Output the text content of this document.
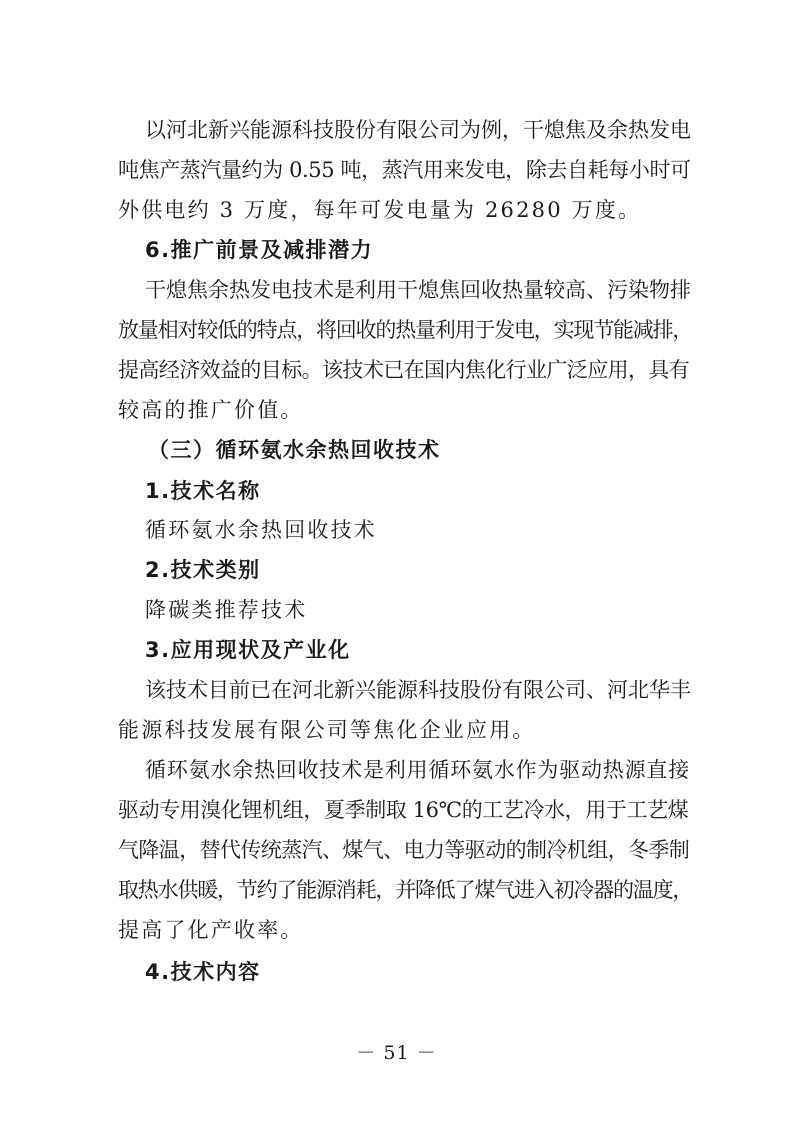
以河北新兴能源科技股份有限公司为例，干熄焦及余热发电
吨焦产蒸汽量约为 0.55 吨，蒸汽用来发电，除去自耗每小时可
外供电约 3 万度，每年可发电量为 26280 万度。
6.推广前景及减排潜力
干熄焦余热发电技术是利用干熄焦回收热量较高、污染物排
放量相对较低的特点，将回收的热量利用于发电，实现节能减排，
提高经济效益的目标。该技术已在国内焦化行业广泛应用，具有
较高的推广价值。
（三）循环氨水余热回收技术
1.技术名称
循环氨水余热回收技术
2.技术类别
降碳类推荐技术
3.应用现状及产业化
该技术目前已在河北新兴能源科技股份有限公司、河北华丰
能源科技发展有限公司等焦化企业应用。
循环氨水余热回收技术是利用循环氨水作为驱动热源直接
驱动专用溴化锂机组，夏季制取 16℃的工艺冷水，用于工艺煤
气降温，替代传统蒸汽、煤气、电力等驱动的制冷机组，冬季制
取热水供暖，节约了能源消耗，并降低了煤气进入初冷器的温度，
提高了化产收率。
4.技术内容
－ 51 －
